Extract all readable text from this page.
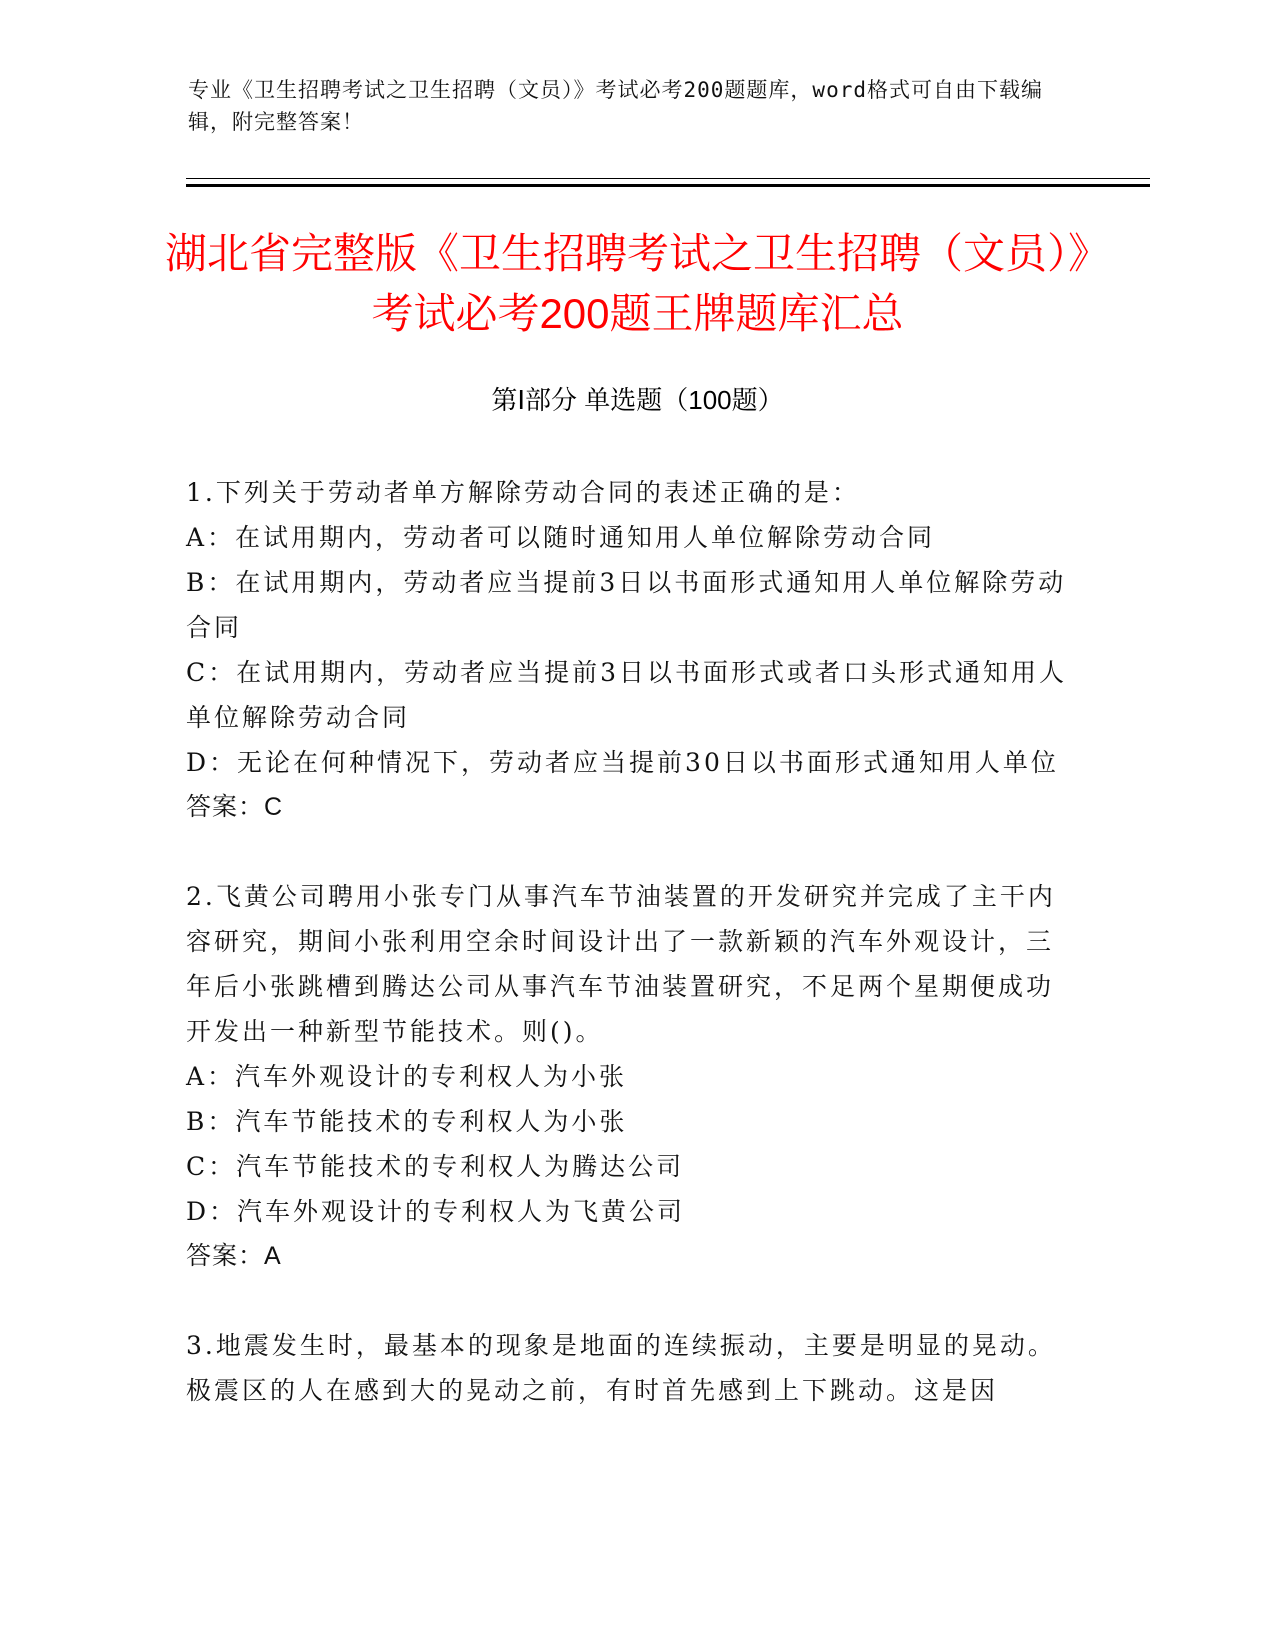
专业《卫生招聘考试之卫生招聘（文员）》考试必考200题题库，word格式可自由下载编辑，附完整答案！
湖北省完整版《卫生招聘考试之卫生招聘（文员）》考试必考200题王牌题库汇总
第Ⅰ部分 单选题（100题）

1.下列关于劳动者单方解除劳动合同的表述正确的是：

A：在试用期内，劳动者可以随时通知用人单位解除劳动合同

B：在试用期内，劳动者应当提前3日以书面形式通知用人单位解除劳动合同

C：在试用期内，劳动者应当提前3日以书面形式或者口头形式通知用人单位解除劳动合同

D：无论在何种情况下，劳动者应当提前30日以书面形式通知用人单位

答案：C

2.飞黄公司聘用小张专门从事汽车节油装置的开发研究并完成了主干内容研究，期间小张利用空余时间设计出了一款新颖的汽车外观设计，三年后小张跳槽到腾达公司从事汽车节油装置研究，不足两个星期便成功开发出一种新型节能技术。则()。

A：汽车外观设计的专利权人为小张

B：汽车节能技术的专利权人为小张

C：汽车节能技术的专利权人为腾达公司

D：汽车外观设计的专利权人为飞黄公司

答案：A

3.地震发生时，最基本的现象是地面的连续振动，主要是明显的晃动。极震区的人在感到大的晃动之前，有时首先感到上下跳动。这是因
